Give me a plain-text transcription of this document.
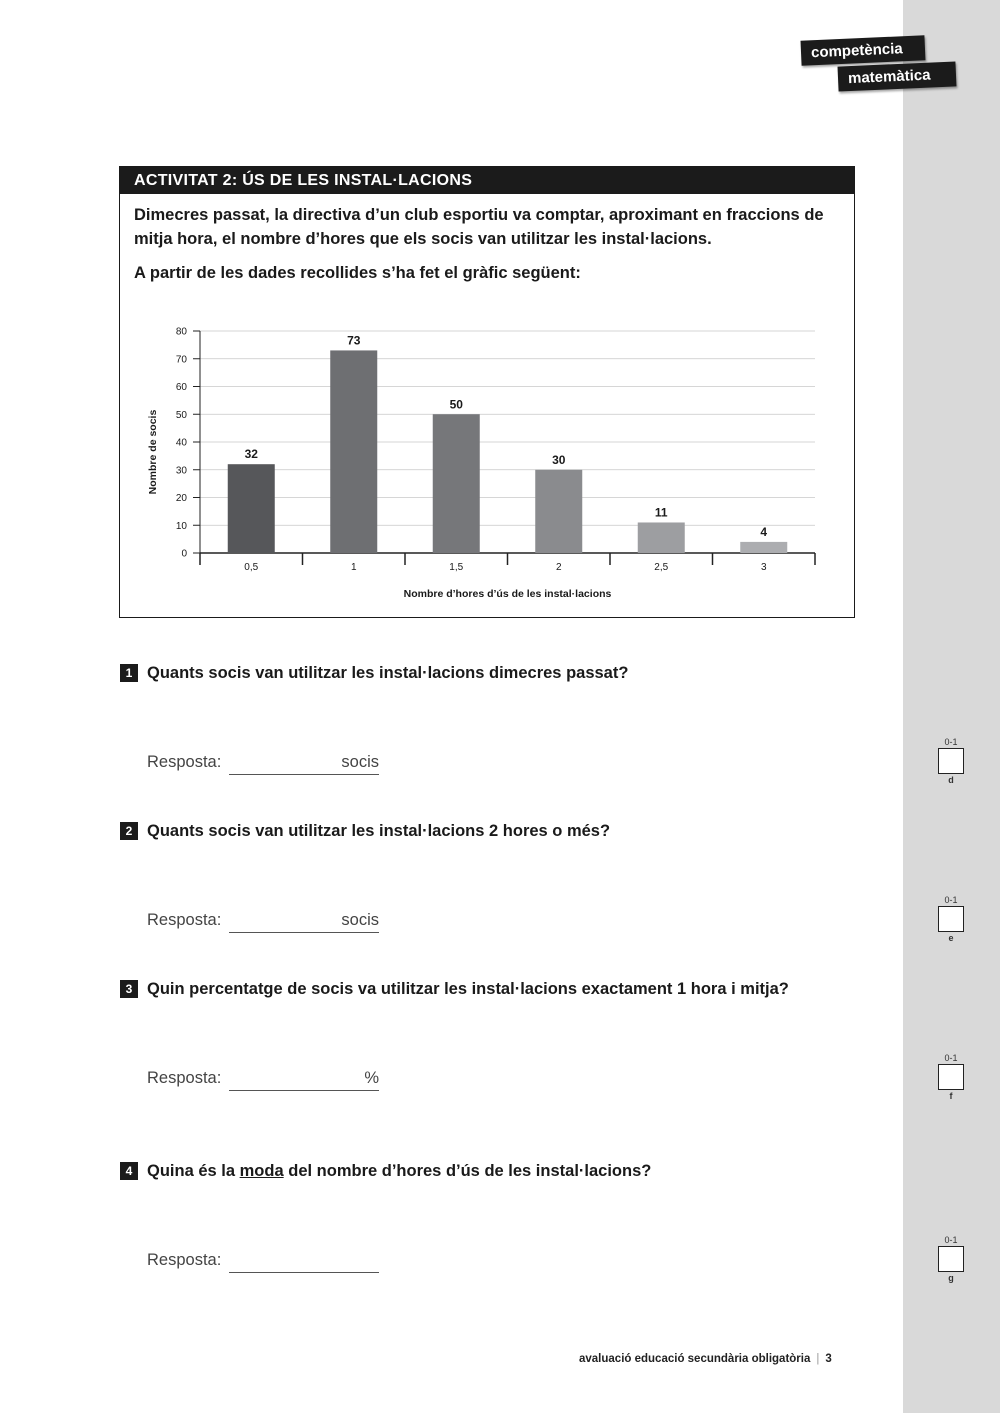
competència
matemàtica
ACTIVITAT 2: ÚS DE LES INSTAL·LACIONS

Dimecres passat, la directiva d’un club esportiu va comptar, aproximant en fraccions de mitja hora, el nombre d’hores que els socis van utilitzar les instal·lacions.

A partir de les dades recollides s’ha fet el gràfic següent:

0
10
20
30
40
50
60
70
80
32
0,5
73
1
50
1,5
30
2
11
2,5
4
3
Nombre d’hores d’ús de les instal·lacions
Nombre de socis
1 Quants socis van utilitzar les instal·lacions dimecres passat?
Resposta:	socis
0-1
d
2 Quants socis van utilitzar les instal·lacions 2 hores o més?
Resposta:	socis
0-1
e
3 Quin percentatge de socis va utilitzar les instal·lacions exactament 1 hora i mitja?
Resposta:	%
0-1
f
4 Quina és la moda del nombre d’hores d’ús de les instal·lacions?
Resposta:
0-1
g
avaluació educació secundària obligatòria | 3
